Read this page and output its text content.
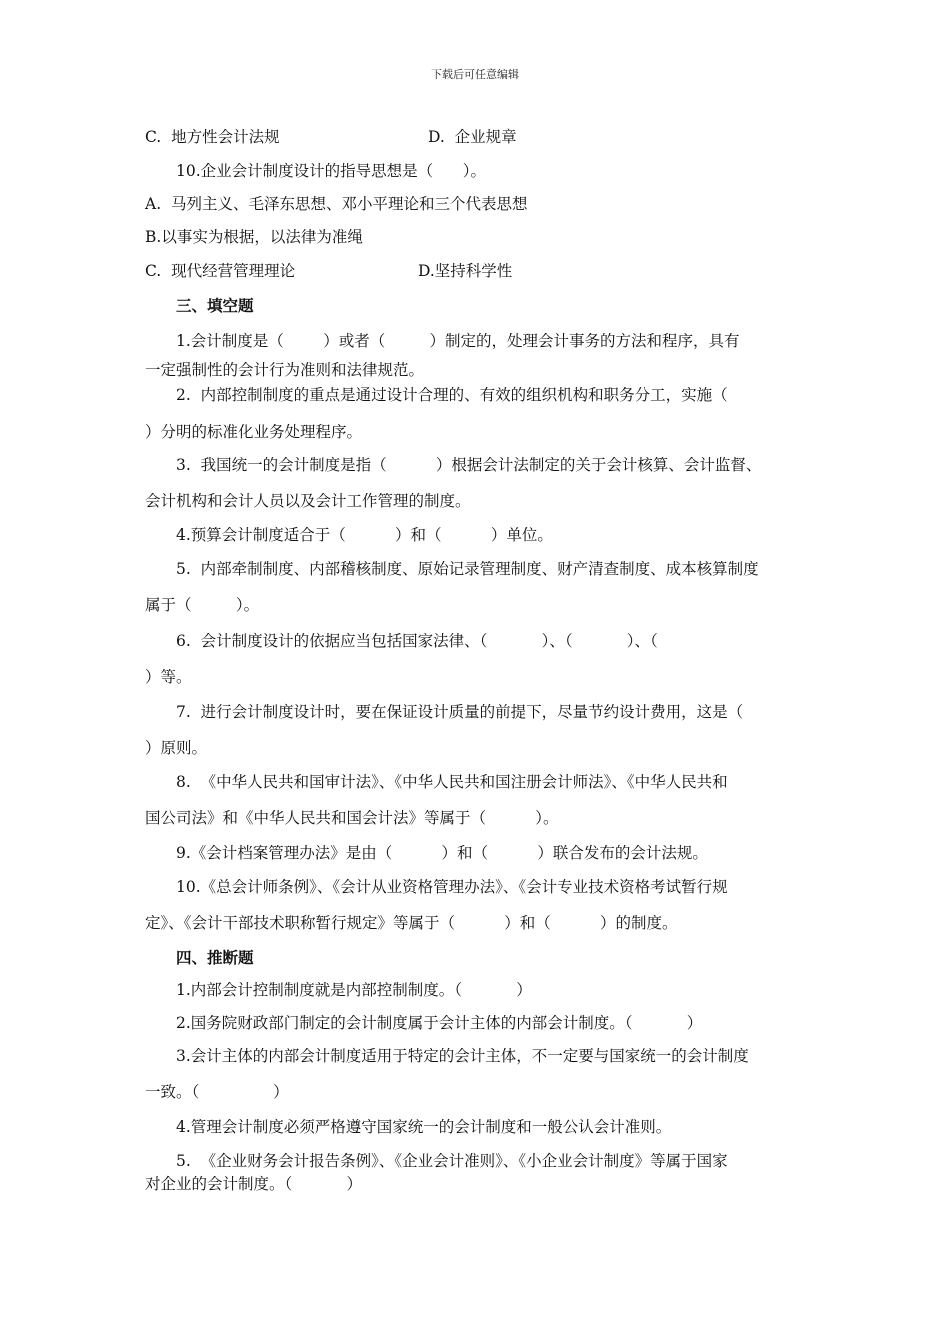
下载后可任意编辑
C.  地方性会计法规	D.  企业规章
10.企业会计制度设计的指导思想是（      ）。
A.  马列主义、毛泽东思想、邓小平理论和三个代表思想
B.以事实为根据，以法律为准绳
C.  现代经营管理理论	D.坚持科学性
三、填空题
1.会计制度是（        ）或者（         ）制定的，处理会计事务的方法和程序，具有
一定强制性的会计行为准则和法律规范。
2.  内部控制制度的重点是通过设计合理的、有效的组织机构和职务分工，实施（
）分明的标准化业务处理程序。
3.  我国统一的会计制度是指（          ）根据会计法制定的关于会计核算、会计监督、
会计机构和会计人员以及会计工作管理的制度。
4.预算会计制度适合于（          ）和（          ）单位。
5.  内部牵制制度、内部稽核制度、原始记录管理制度、财产清查制度、成本核算制度
属于（         ）。
6.  会计制度设计的依据应当包括国家法律、（           ）、（           ）、（
）等。
7.  进行会计制度设计时，要在保证设计质量的前提下，尽量节约设计费用，这是（
）原则。
8.  《中华人民共和国审计法》、《中华人民共和国注册会计师法》、《中华人民共和
国公司法》和《中华人民共和国会计法》等属于（          ）。
9.《会计档案管理办法》是由（          ）和（          ）联合发布的会计法规。
10.《总会计师条例》、《会计从业资格管理办法》、《会计专业技术资格考试暂行规
定》、《会计干部技术职称暂行规定》等属于（          ）和（          ）的制度。
四、推断题
1.内部会计控制制度就是内部控制制度。（           ）
2.国务院财政部门制定的会计制度属于会计主体的内部会计制度。（           ）
3.会计主体的内部会计制度适用于特定的会计主体，不一定要与国家统一的会计制度
一致。（               ）
4.管理会计制度必须严格遵守国家统一的会计制度和一般公认会计准则。
5.  《企业财务会计报告条例》、《企业会计准则》、《小企业会计制度》等属于国家
对企业的会计制度。（           ）
